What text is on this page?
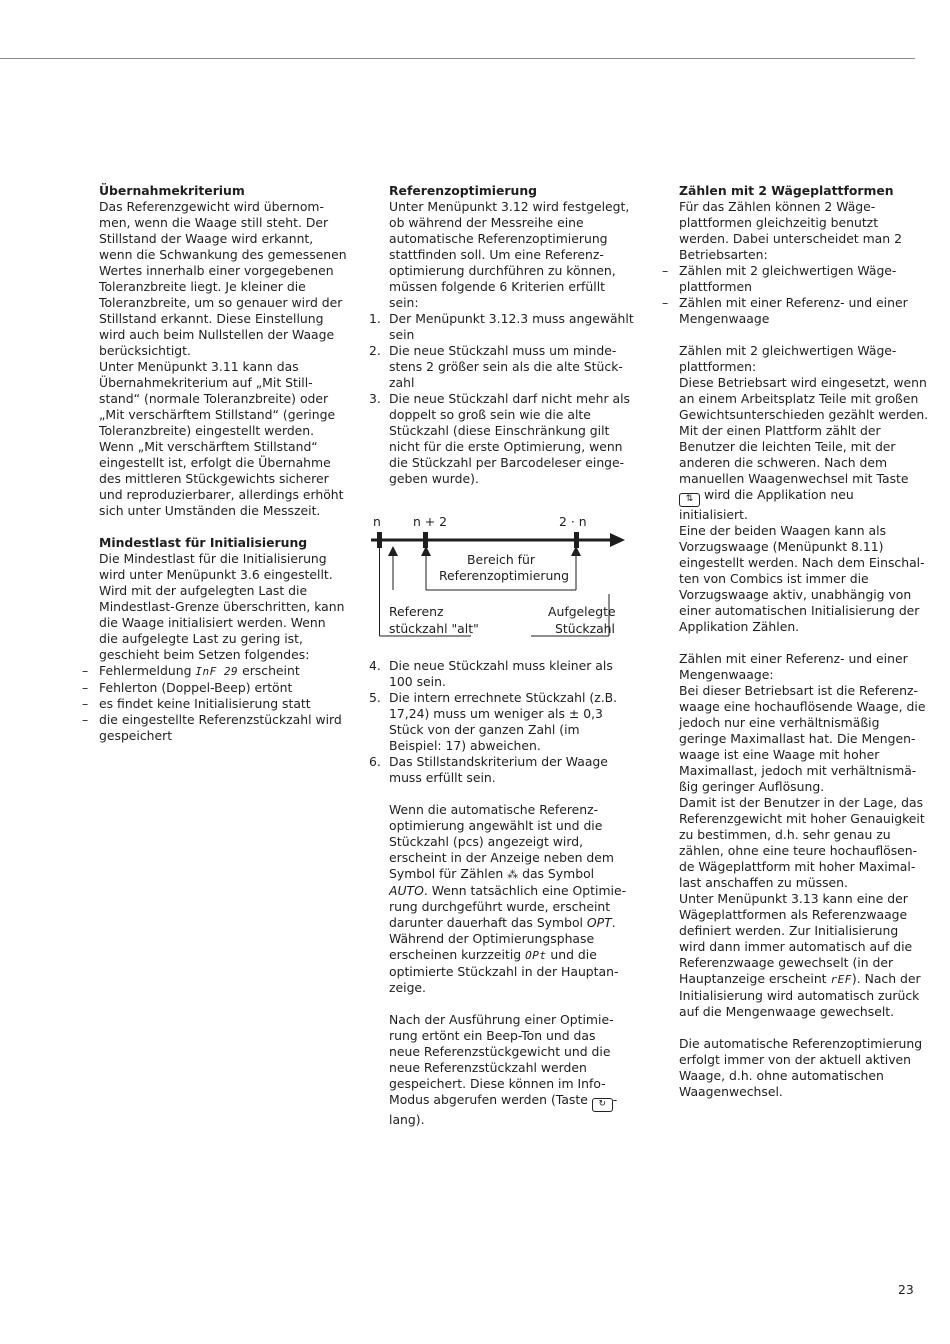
Übernahmekriterium
Das Referenzgewicht wird übernom-
men, wenn die Waage still steht. Der
Stillstand der Waage wird erkannt,
wenn die Schwankung des gemessenen
Wertes innerhalb einer vorgegebenen
Toleranzbreite liegt. Je kleiner die
Toleranzbreite, um so genauer wird der
Stillstand erkannt. Diese Einstellung
wird auch beim Nullstellen der Waage
berücksichtigt.
Unter Menüpunkt 3.11 kann das
Übernahmekriterium auf „Mit Still-
stand“ (normale Toleranzbreite) oder
„Mit verschärftem Stillstand“ (geringe
Toleranzbreite) eingestellt werden.
Wenn „Mit verschärftem Stillstand“
eingestellt ist, erfolgt die Übernahme
des mittleren Stückgewichts sicherer
und reproduzierbarer, allerdings erhöht
sich unter Umständen die Messzeit.
Mindestlast für Initialisierung
Die Mindestlast für die Initialisierung
wird unter Menüpunkt 3.6 eingestellt.
Wird mit der aufgelegten Last die
Mindestlast-Grenze überschritten, kann
die Waage initialisiert werden. Wenn
die aufgelegte Last zu gering ist,
geschieht beim Setzen folgendes:
– Fehlermeldung InF 29 erscheint
– Fehlerton (Doppel-Beep) ertönt
– es findet keine Initialisierung statt
– die eingestellte Referenzstückzahl wird
gespeichert
Referenzoptimierung
Unter Menüpunkt 3.12 wird festgelegt,
ob während der Messreihe eine
automatische Referenzoptimierung
stattfinden soll. Um eine Referenz-
optimierung durchführen zu können,
müssen folgende 6 Kriterien erfüllt
sein:
1. Der Menüpunkt 3.12.3 muss angewählt
sein
2. Die neue Stückzahl muss um minde-
stens 2 größer sein als die alte Stück-
zahl
3. Die neue Stückzahl darf nicht mehr als
doppelt so groß sein wie die alte
Stückzahl (diese Einschränkung gilt
nicht für die erste Optimierung, wenn
die Stückzahl per Barcodeleser einge-
geben wurde).
n	n + 2	2 · n
Bereich für
Referenzoptimierung
Referenz
stückzahl "alt"
Aufgelegte
Stückzahl
4. Die neue Stückzahl muss kleiner als
100 sein.
5. Die intern errechnete Stückzahl (z.B.
17,24) muss um weniger als ± 0,3
Stück von der ganzen Zahl (im
Beispiel: 17) abweichen.
6. Das Stillstandskriterium der Waage
muss erfüllt sein.
Wenn die automatische Referenz-
optimierung angewählt ist und die
Stückzahl (pcs) angezeigt wird,
erscheint in der Anzeige neben dem
Symbol für Zählen ⁂ das Symbol
AUTO. Wenn tatsächlich eine Optimie-
rung durchgeführt wurde, erscheint
darunter dauerhaft das Symbol OPT.
Während der Optimierungsphase
erscheinen kurzzeitig OPt und die
optimierte Stückzahl in der Hauptan-
zeige.
Nach der Ausführung einer Optimie-
rung ertönt ein Beep-Ton und das
neue Referenzstückgewicht und die
neue Referenzstückzahl werden
gespeichert. Diese können im Info-
Modus abgerufen werden (Taste ↻ -
lang).
Zählen mit 2 Wägeplattformen
Für das Zählen können 2 Wäge-
plattformen gleichzeitig benutzt
werden. Dabei unterscheidet man 2
Betriebsarten:
– Zählen mit 2 gleichwertigen Wäge-
plattformen
– Zählen mit einer Referenz- und einer
Mengenwaage
Zählen mit 2 gleichwertigen Wäge-
plattformen:
Diese Betriebsart wird eingesetzt, wenn
an einem Arbeitsplatz Teile mit großen
Gewichtsunterschieden gezählt werden.
Mit der einen Plattform zählt der
Benutzer die leichten Teile, mit der
anderen die schweren. Nach dem
manuellen Waagenwechsel mit Taste
⇅ wird die Applikation neu
initialisiert.
Eine der beiden Waagen kann als
Vorzugswaage (Menüpunkt 8.11)
eingestellt werden. Nach dem Einschal-
ten von Combics ist immer die
Vorzugswaage aktiv, unabhängig von
einer automatischen Initialisierung der
Applikation Zählen.
Zählen mit einer Referenz- und einer
Mengenwaage:
Bei dieser Betriebsart ist die Referenz-
waage eine hochauflösende Waage, die
jedoch nur eine verhältnismäßig
geringe Maximallast hat. Die Mengen-
waage ist eine Waage mit hoher
Maximallast, jedoch mit verhältnismä-
ßig geringer Auflösung.
Damit ist der Benutzer in der Lage, das
Referenzgewicht mit hoher Genauigkeit
zu bestimmen, d.h. sehr genau zu
zählen, ohne eine teure hochauflösen-
de Wägeplattform mit hoher Maximal-
last anschaffen zu müssen.
Unter Menüpunkt 3.13 kann eine der
Wägeplattformen als Referenzwaage
definiert werden. Zur Initialisierung
wird dann immer automatisch auf die
Referenzwaage gewechselt (in der
Hauptanzeige erscheint rEF). Nach der
Initialisierung wird automatisch zurück
auf die Mengenwaage gewechselt.
Die automatische Referenzoptimierung
erfolgt immer von der aktuell aktiven
Waage, d.h. ohne automatischen
Waagenwechsel.
23
